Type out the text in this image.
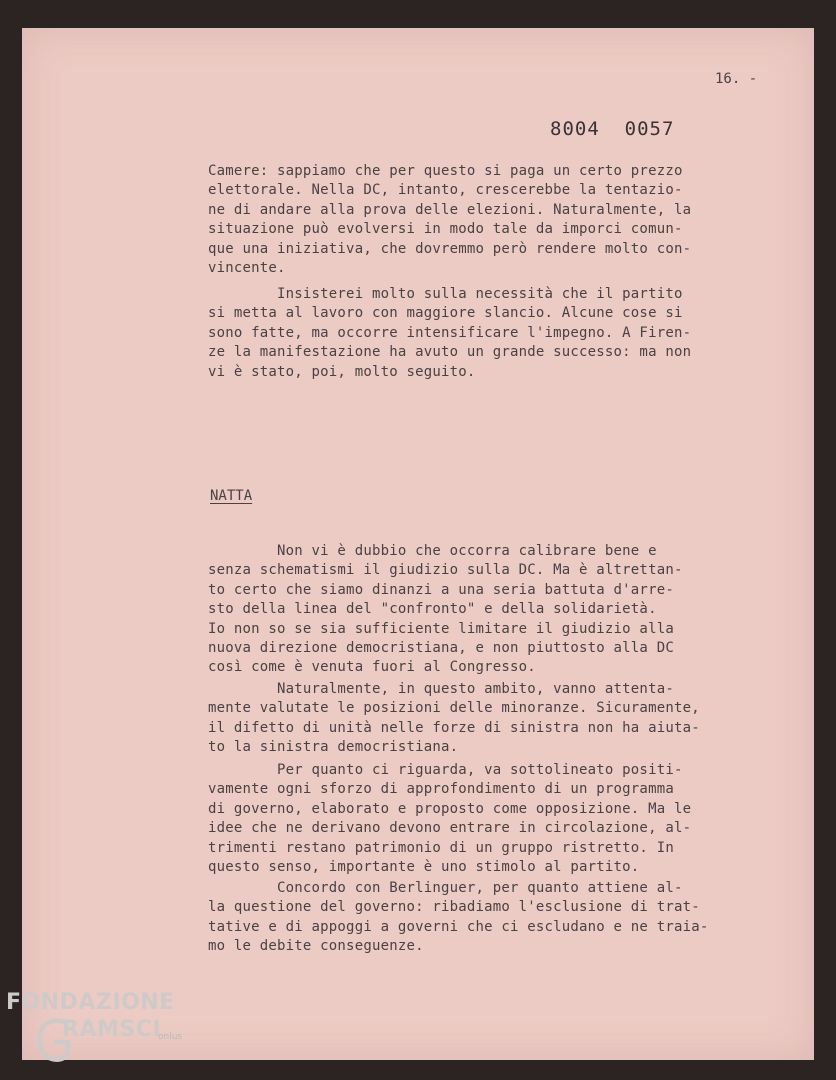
16. -
8004  0057
Camere: sappiamo che per questo si paga un certo prezzo
elettorale. Nella DC, intanto, crescerebbe la tentazio-
ne di andare alla prova delle elezioni. Naturalmente, la
situazione può evolversi in modo tale da imporci comun-
que una iniziativa, che dovremmo però rendere molto con-
vincente.
Insisterei molto sulla necessità che il partito
si metta al lavoro con maggiore slancio. Alcune cose si
sono fatte, ma occorre intensificare l'impegno. A Firen-
ze la manifestazione ha avuto un grande successo: ma non
vi è stato, poi, molto seguito.
NATTA
Non vi è dubbio che occorra calibrare bene e
senza schematismi il giudizio sulla DC. Ma è altrettan-
to certo che siamo dinanzi a una seria battuta d'arre-
sto della linea del "confronto" e della solidarietà.
Io non so se sia sufficiente limitare il giudizio alla
nuova direzione democristiana, e non piuttosto alla DC
così come è venuta fuori al Congresso.
Naturalmente, in questo ambito, vanno attenta-
mente valutate le posizioni delle minoranze. Sicuramente,
il difetto di unità nelle forze di sinistra non ha aiuta-
to la sinistra democristiana.
Per quanto ci riguarda, va sottolineato positi-
vamente ogni sforzo di approfondimento di un programma
di governo, elaborato e proposto come opposizione. Ma le
idee che ne derivano devono entrare in circolazione, al-
trimenti restano patrimonio di un gruppo ristretto. In
questo senso, importante è uno stimolo al partito.
Concordo con Berlinguer, per quanto attiene al-
la questione del governo: ribadiamo l'esclusione di trat-
tative e di appoggi a governi che ci escludano e ne traia-
mo le debite conseguenze.
FONDAZIONE
RAMSCI
onlus
